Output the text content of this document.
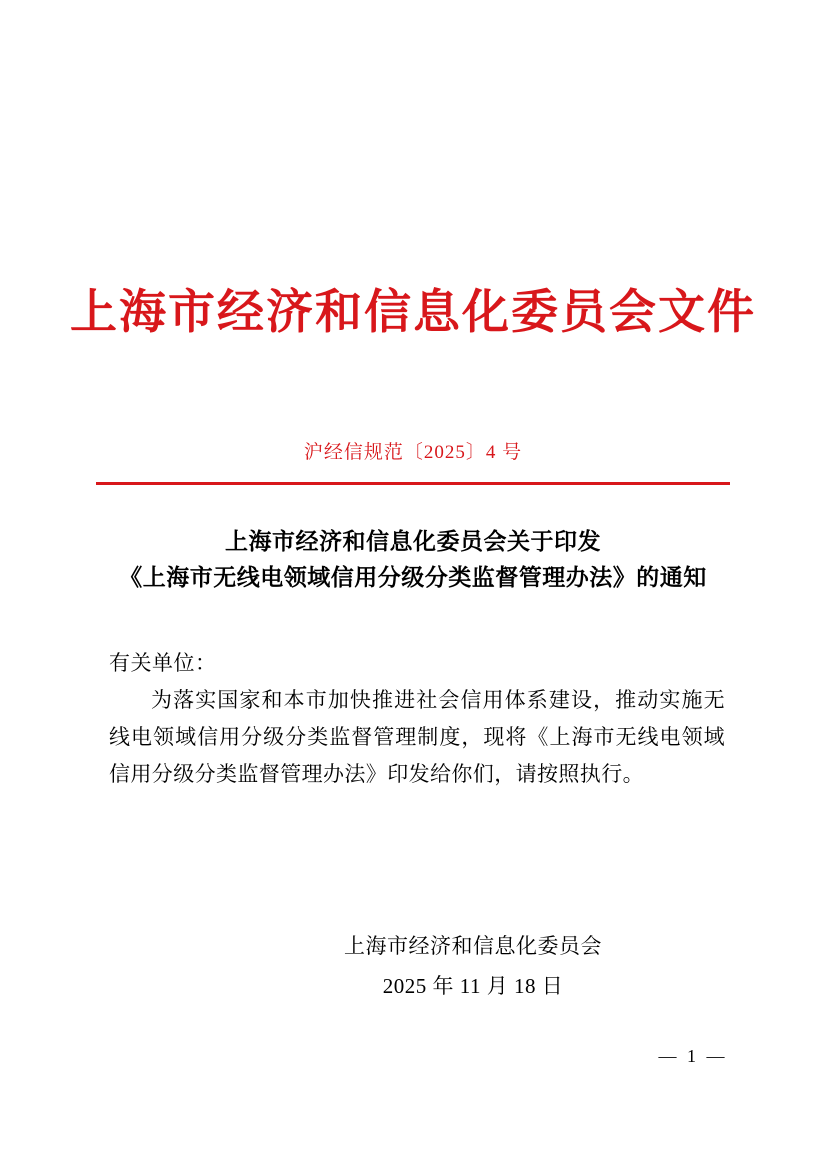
上海市经济和信息化委员会文件
沪经信规范〔2025〕4 号
上海市经济和信息化委员会关于印发
《上海市无线电领域信用分级分类监督管理办法》的通知
有关单位：
为落实国家和本市加快推进社会信用体系建设，推动实施无线电领域信用分级分类监督管理制度，现将《上海市无线电领域信用分级分类监督管理办法》印发给你们，请按照执行。
上海市经济和信息化委员会
2025 年 11 月 18 日
— 1 —
